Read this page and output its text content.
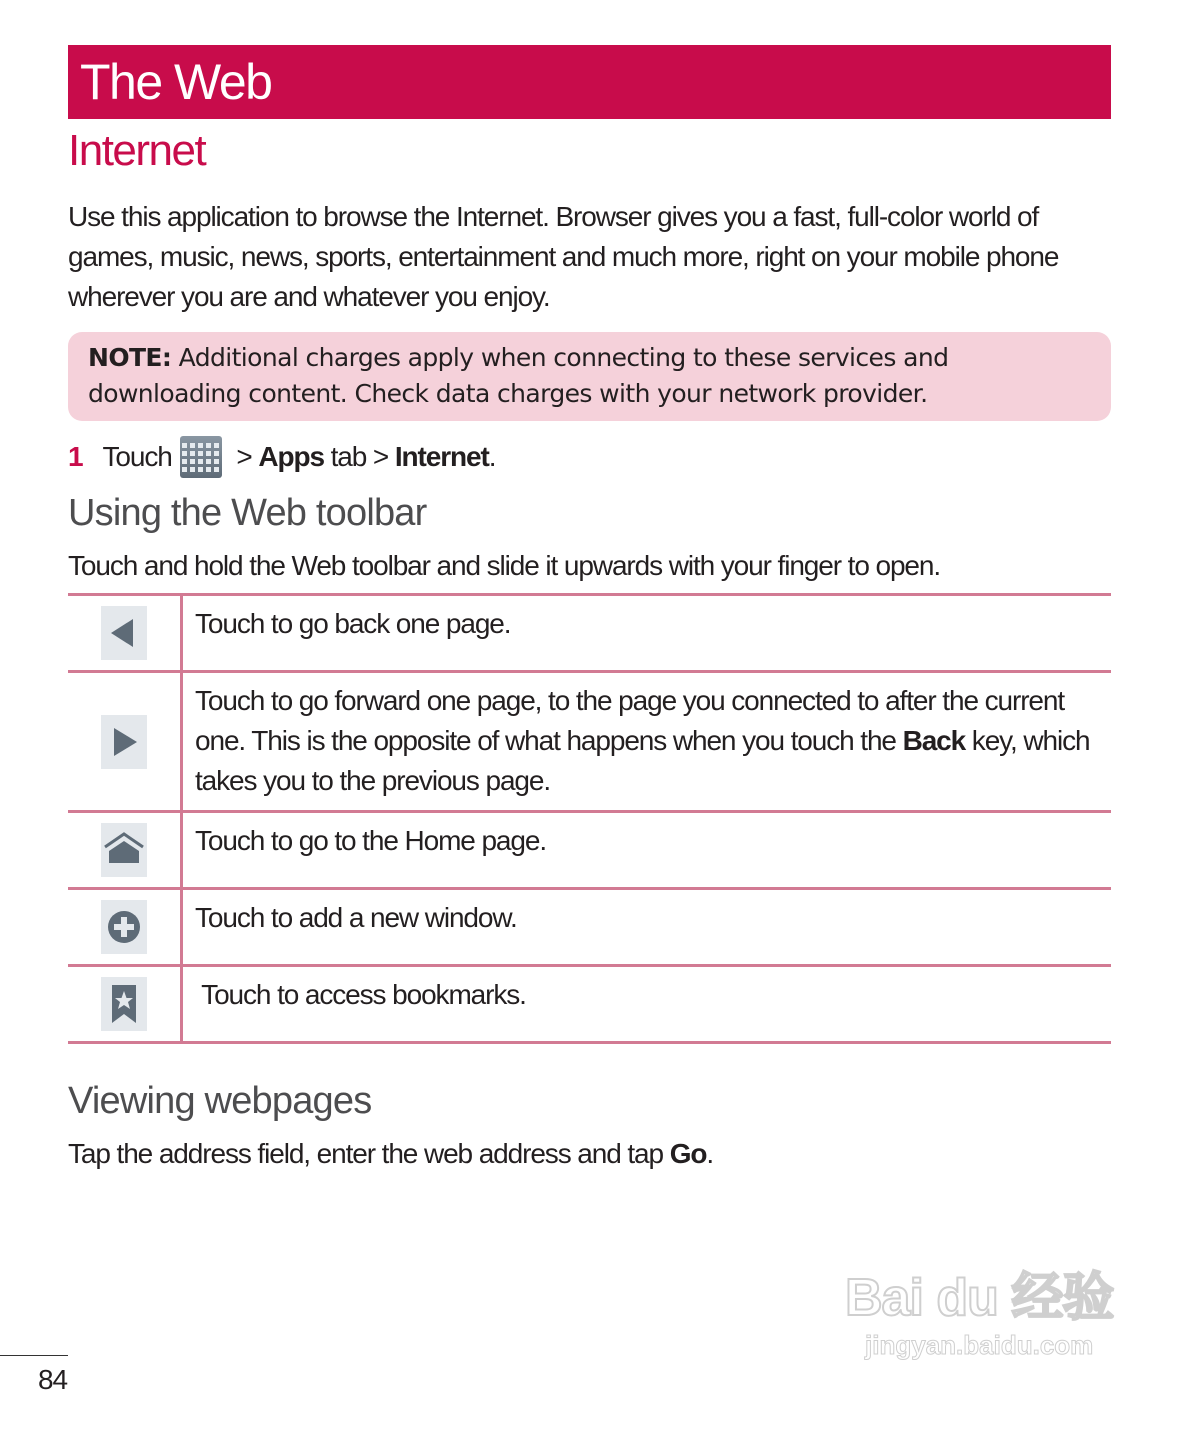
The Web
Internet

Use this application to browse the Internet. Browser gives you a fast, full-color world of games, music, news, sports, entertainment and much more, right on your mobile phone wherever you are and whatever you enjoy.

NOTE: Additional charges apply when connecting to these services and downloading content. Check data charges with your network provider.
1 Touch > Apps tab > Internet .
Using the Web toolbar

Touch and hold the Web toolbar and slide it upwards with your finger to open.

	Touch to go back one page.
	Touch to go forward one page, to the page you connected to after the current one. This is the opposite of what happens when you touch the Back key, which takes you to the previous page.
	Touch to go to the Home page.
	Touch to add a new window.
	Touch to access bookmarks.
Viewing webpages

Tap the address field, enter the web address and tap Go.

84
Bai du 经验
jingyan.baidu.com
